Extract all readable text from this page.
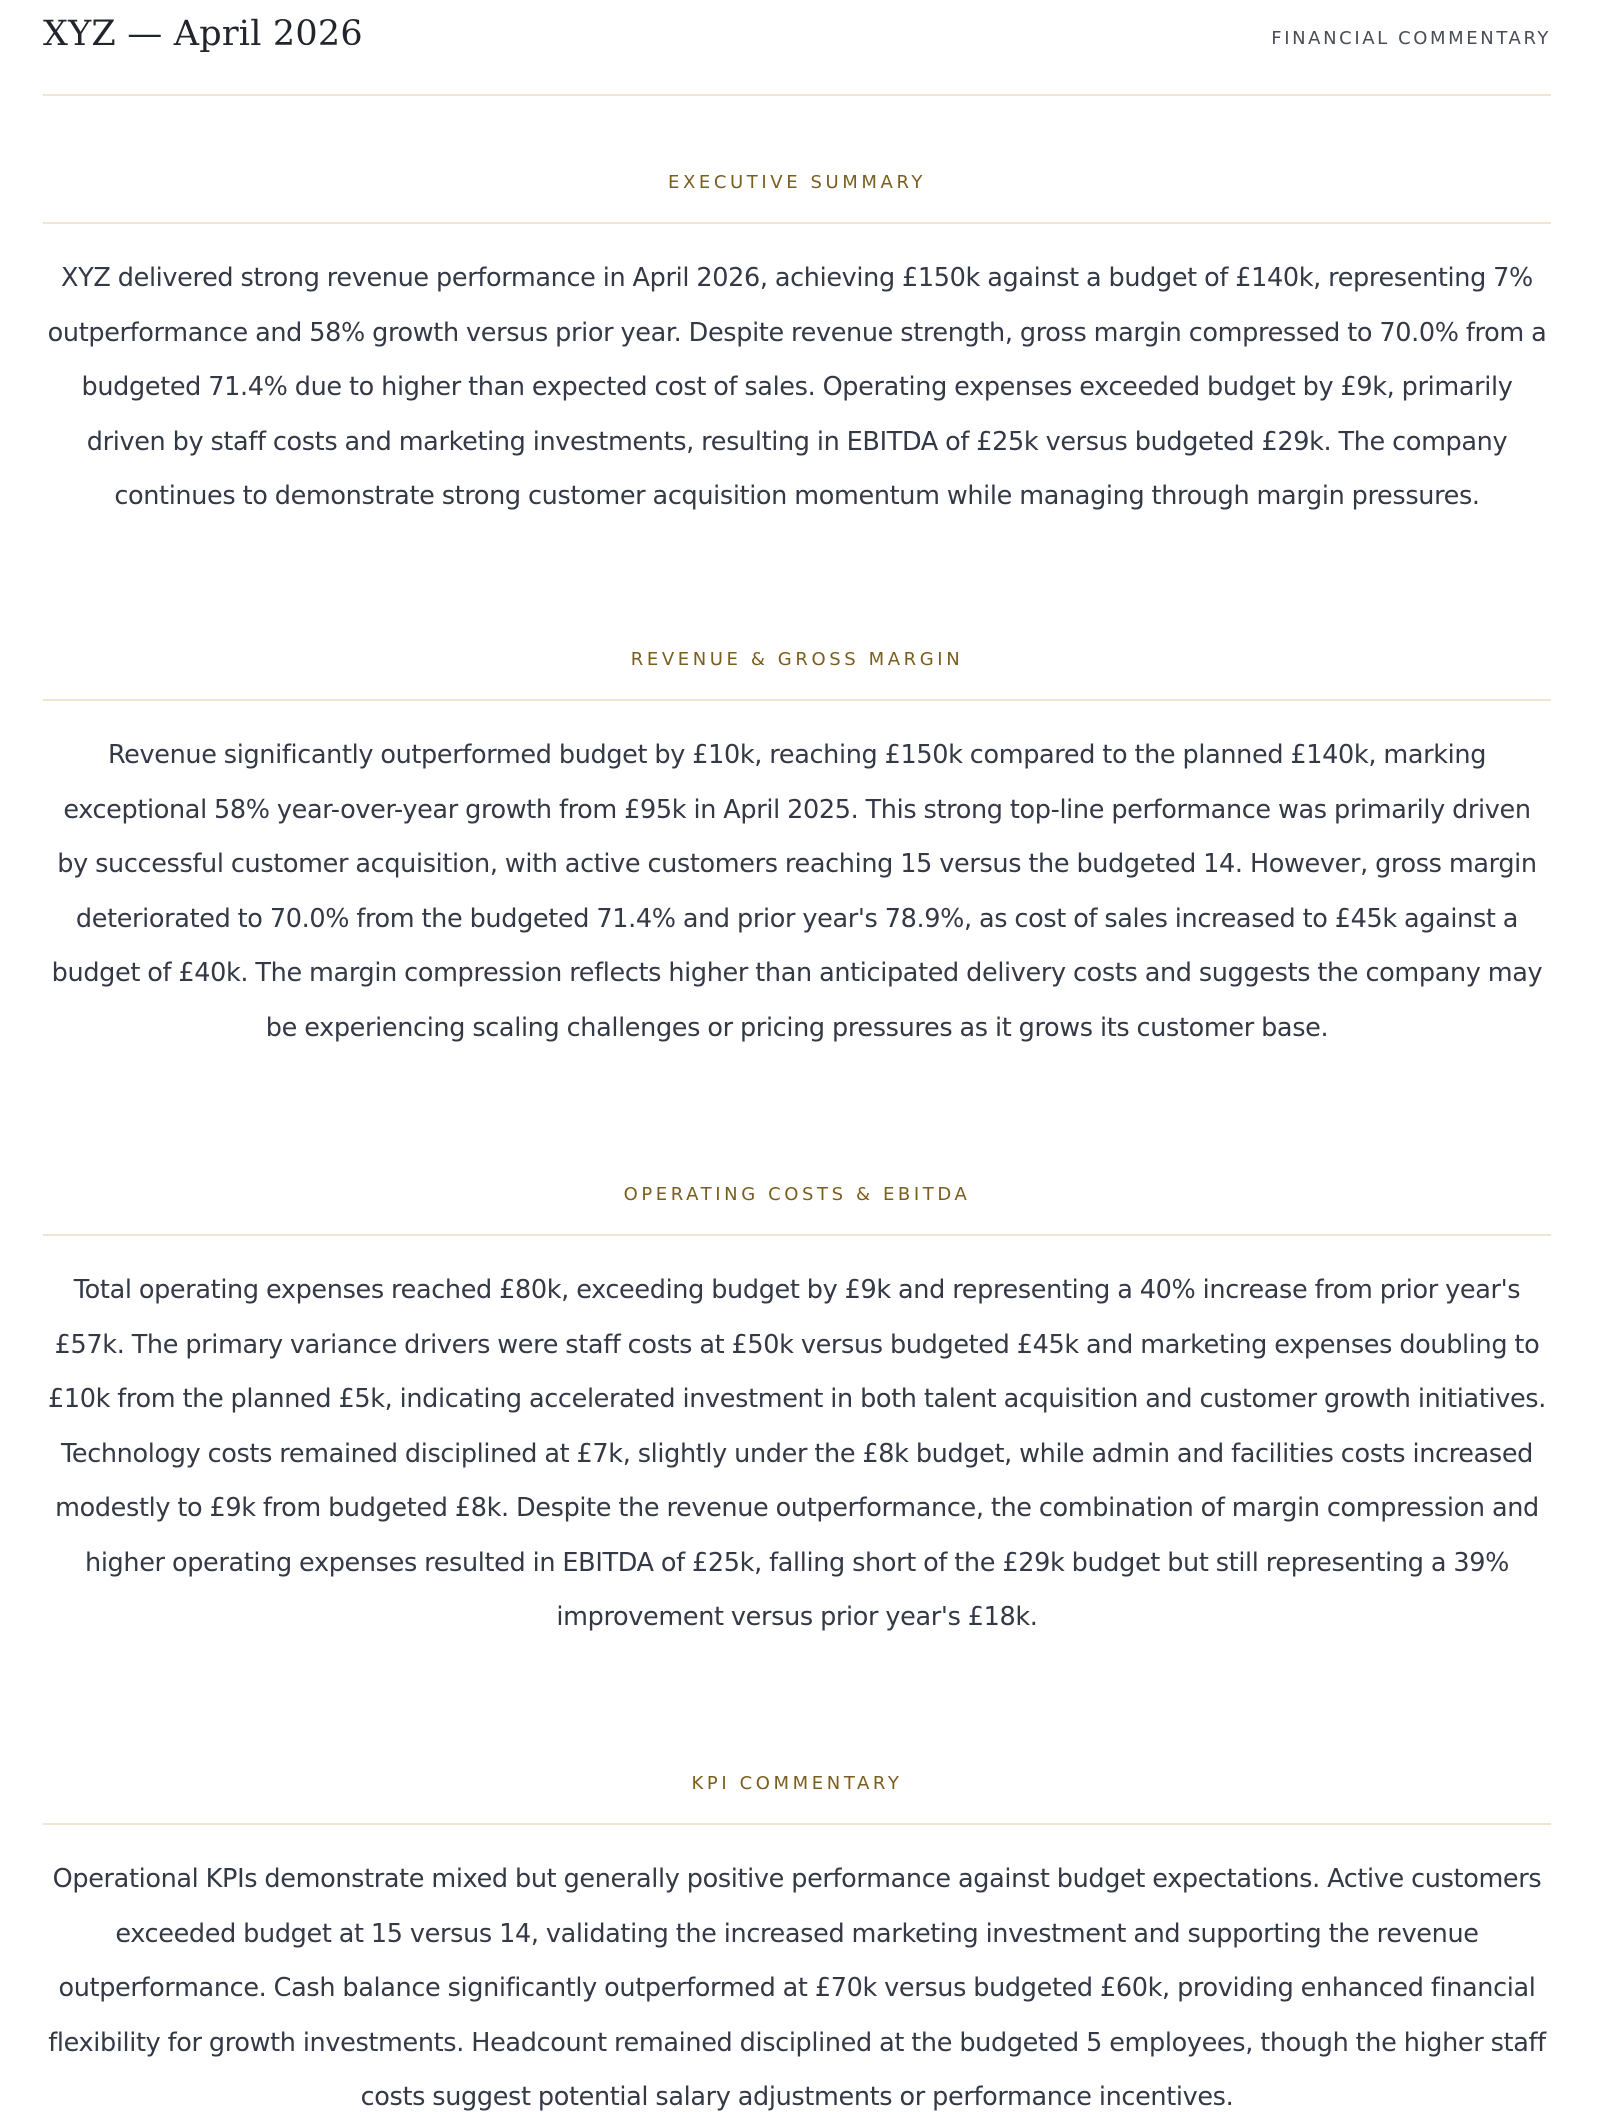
XYZ — April 2026	FINANCIAL COMMENTARY
EXECUTIVE SUMMARY

XYZ delivered strong revenue performance in April 2026, achieving £150k against a budget of £140k, representing 7% outperformance and 58% growth versus prior year. Despite revenue strength, gross margin compressed to 70.0% from a budgeted 71.4% due to higher than expected cost of sales. Operating expenses exceeded budget by £9k, primarily driven by staff costs and marketing investments, resulting in EBITDA of £25k versus budgeted £29k. The company continues to demonstrate strong customer acquisition momentum while managing through margin pressures.

REVENUE & GROSS MARGIN

Revenue significantly outperformed budget by £10k, reaching £150k compared to the planned £140k, marking exceptional 58% year-over-year growth from £95k in April 2025. This strong top-line performance was primarily driven by successful customer acquisition, with active customers reaching 15 versus the budgeted 14. However, gross margin deteriorated to 70.0% from the budgeted 71.4% and prior year's 78.9%, as cost of sales increased to £45k against a budget of £40k. The margin compression reflects higher than anticipated delivery costs and suggests the company may be experiencing scaling challenges or pricing pressures as it grows its customer base.

OPERATING COSTS & EBITDA

Total operating expenses reached £80k, exceeding budget by £9k and representing a 40% increase from prior year's £57k. The primary variance drivers were staff costs at £50k versus budgeted £45k and marketing expenses doubling to £10k from the planned £5k, indicating accelerated investment in both talent acquisition and customer growth initiatives. Technology costs remained disciplined at £7k, slightly under the £8k budget, while admin and facilities costs increased modestly to £9k from budgeted £8k. Despite the revenue outperformance, the combination of margin compression and higher operating expenses resulted in EBITDA of £25k, falling short of the £29k budget but still representing a 39% improvement versus prior year's £18k.

KPI COMMENTARY

Operational KPIs demonstrate mixed but generally positive performance against budget expectations. Active customers exceeded budget at 15 versus 14, validating the increased marketing investment and supporting the revenue outperformance. Cash balance significantly outperformed at £70k versus budgeted £60k, providing enhanced financial flexibility for growth investments. Headcount remained disciplined at the budgeted 5 employees, though the higher staff costs suggest potential salary adjustments or performance incentives.
